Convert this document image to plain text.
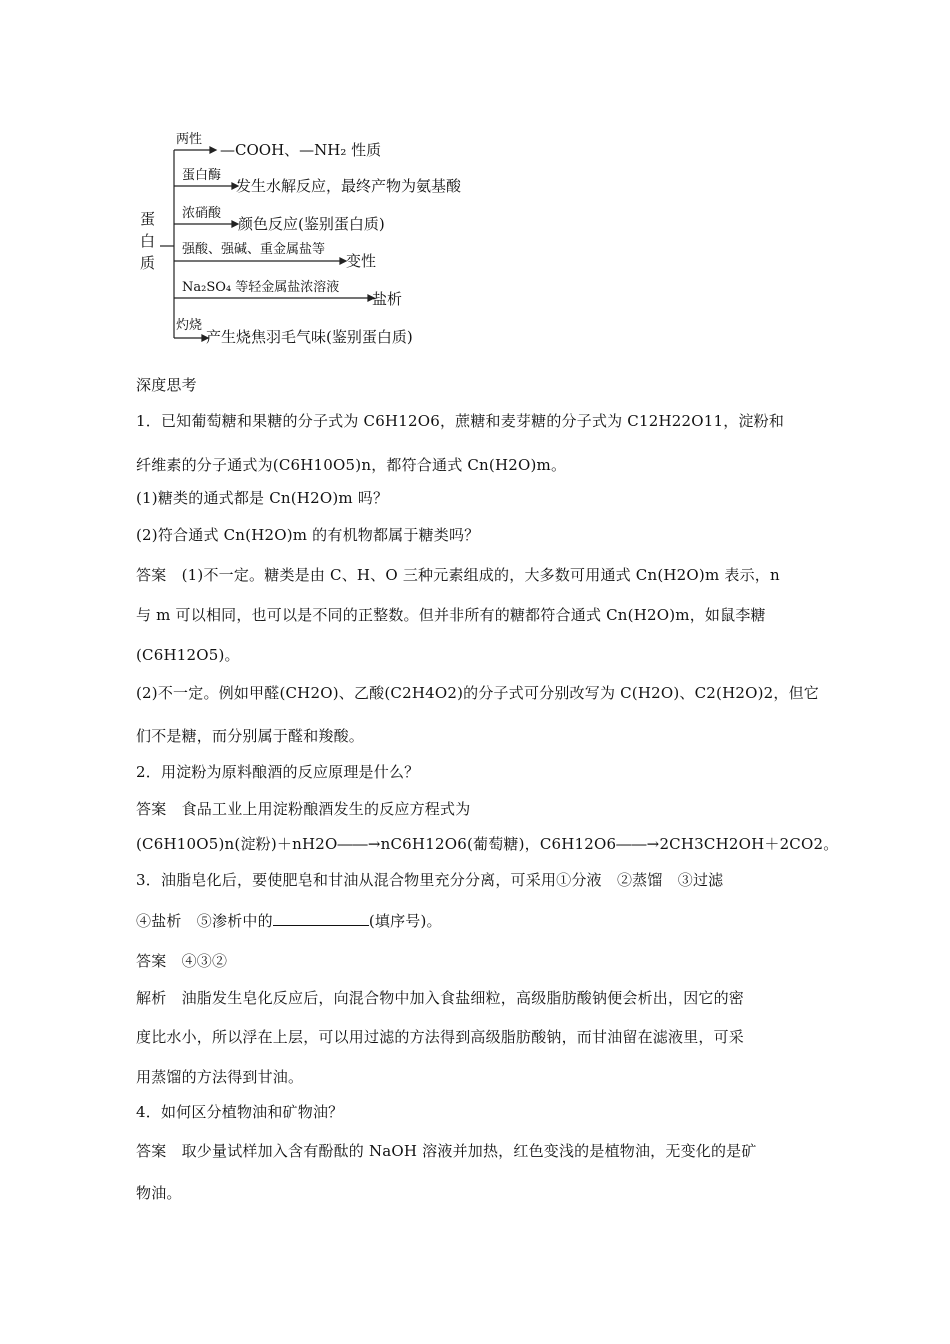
蛋
白
质
两性
—COOH、—NH₂ 性质
蛋白酶
发生水解反应，最终产物为氨基酸
浓硝酸
颜色反应(鉴别蛋白质)
强酸、强碱、重金属盐等
变性
Na₂SO₄ 等轻金属盐浓溶液
盐析
灼烧
产生烧焦羽毛气味(鉴别蛋白质)
深度思考
1．已知葡萄糖和果糖的分子式为 C6H12O6，蔗糖和麦芽糖的分子式为 C12H22O11，淀粉和
纤维素的分子通式为(C6H10O5)n，都符合通式 Cn(H2O)m。
(1)糖类的通式都是 Cn(H2O)m 吗？
(2)符合通式 Cn(H2O)m 的有机物都属于糖类吗？
答案　(1)不一定。糖类是由 C、H、O 三种元素组成的，大多数可用通式 Cn(H2O)m 表示，n
与 m 可以相同，也可以是不同的正整数。但并非所有的糖都符合通式 Cn(H2O)m，如鼠李糖
(C6H12O5)。
(2)不一定。例如甲醛(CH2O)、乙酸(C2H4O2)的分子式可分别改写为 C(H2O)、C2(H2O)2，但它
们不是糖，而分别属于醛和羧酸。
2．用淀粉为原料酿酒的反应原理是什么？
答案　食品工业上用淀粉酿酒发生的反应方程式为
(C6H10O5)n(淀粉)＋nH2O――→nC6H12O6(葡萄糖)，C6H12O6――→2CH3CH2OH＋2CO2。
3．油脂皂化后，要使肥皂和甘油从混合物里充分分离，可采用①分液　②蒸馏　③过滤
④盐析　⑤渗析中的	(填序号)。
答案　④③②
解析　油脂发生皂化反应后，向混合物中加入食盐细粒，高级脂肪酸钠便会析出，因它的密
度比水小，所以浮在上层，可以用过滤的方法得到高级脂肪酸钠，而甘油留在滤液里，可采
用蒸馏的方法得到甘油。
4．如何区分植物油和矿物油？
答案　取少量试样加入含有酚酞的 NaOH 溶液并加热，红色变浅的是植物油，无变化的是矿
物油。
